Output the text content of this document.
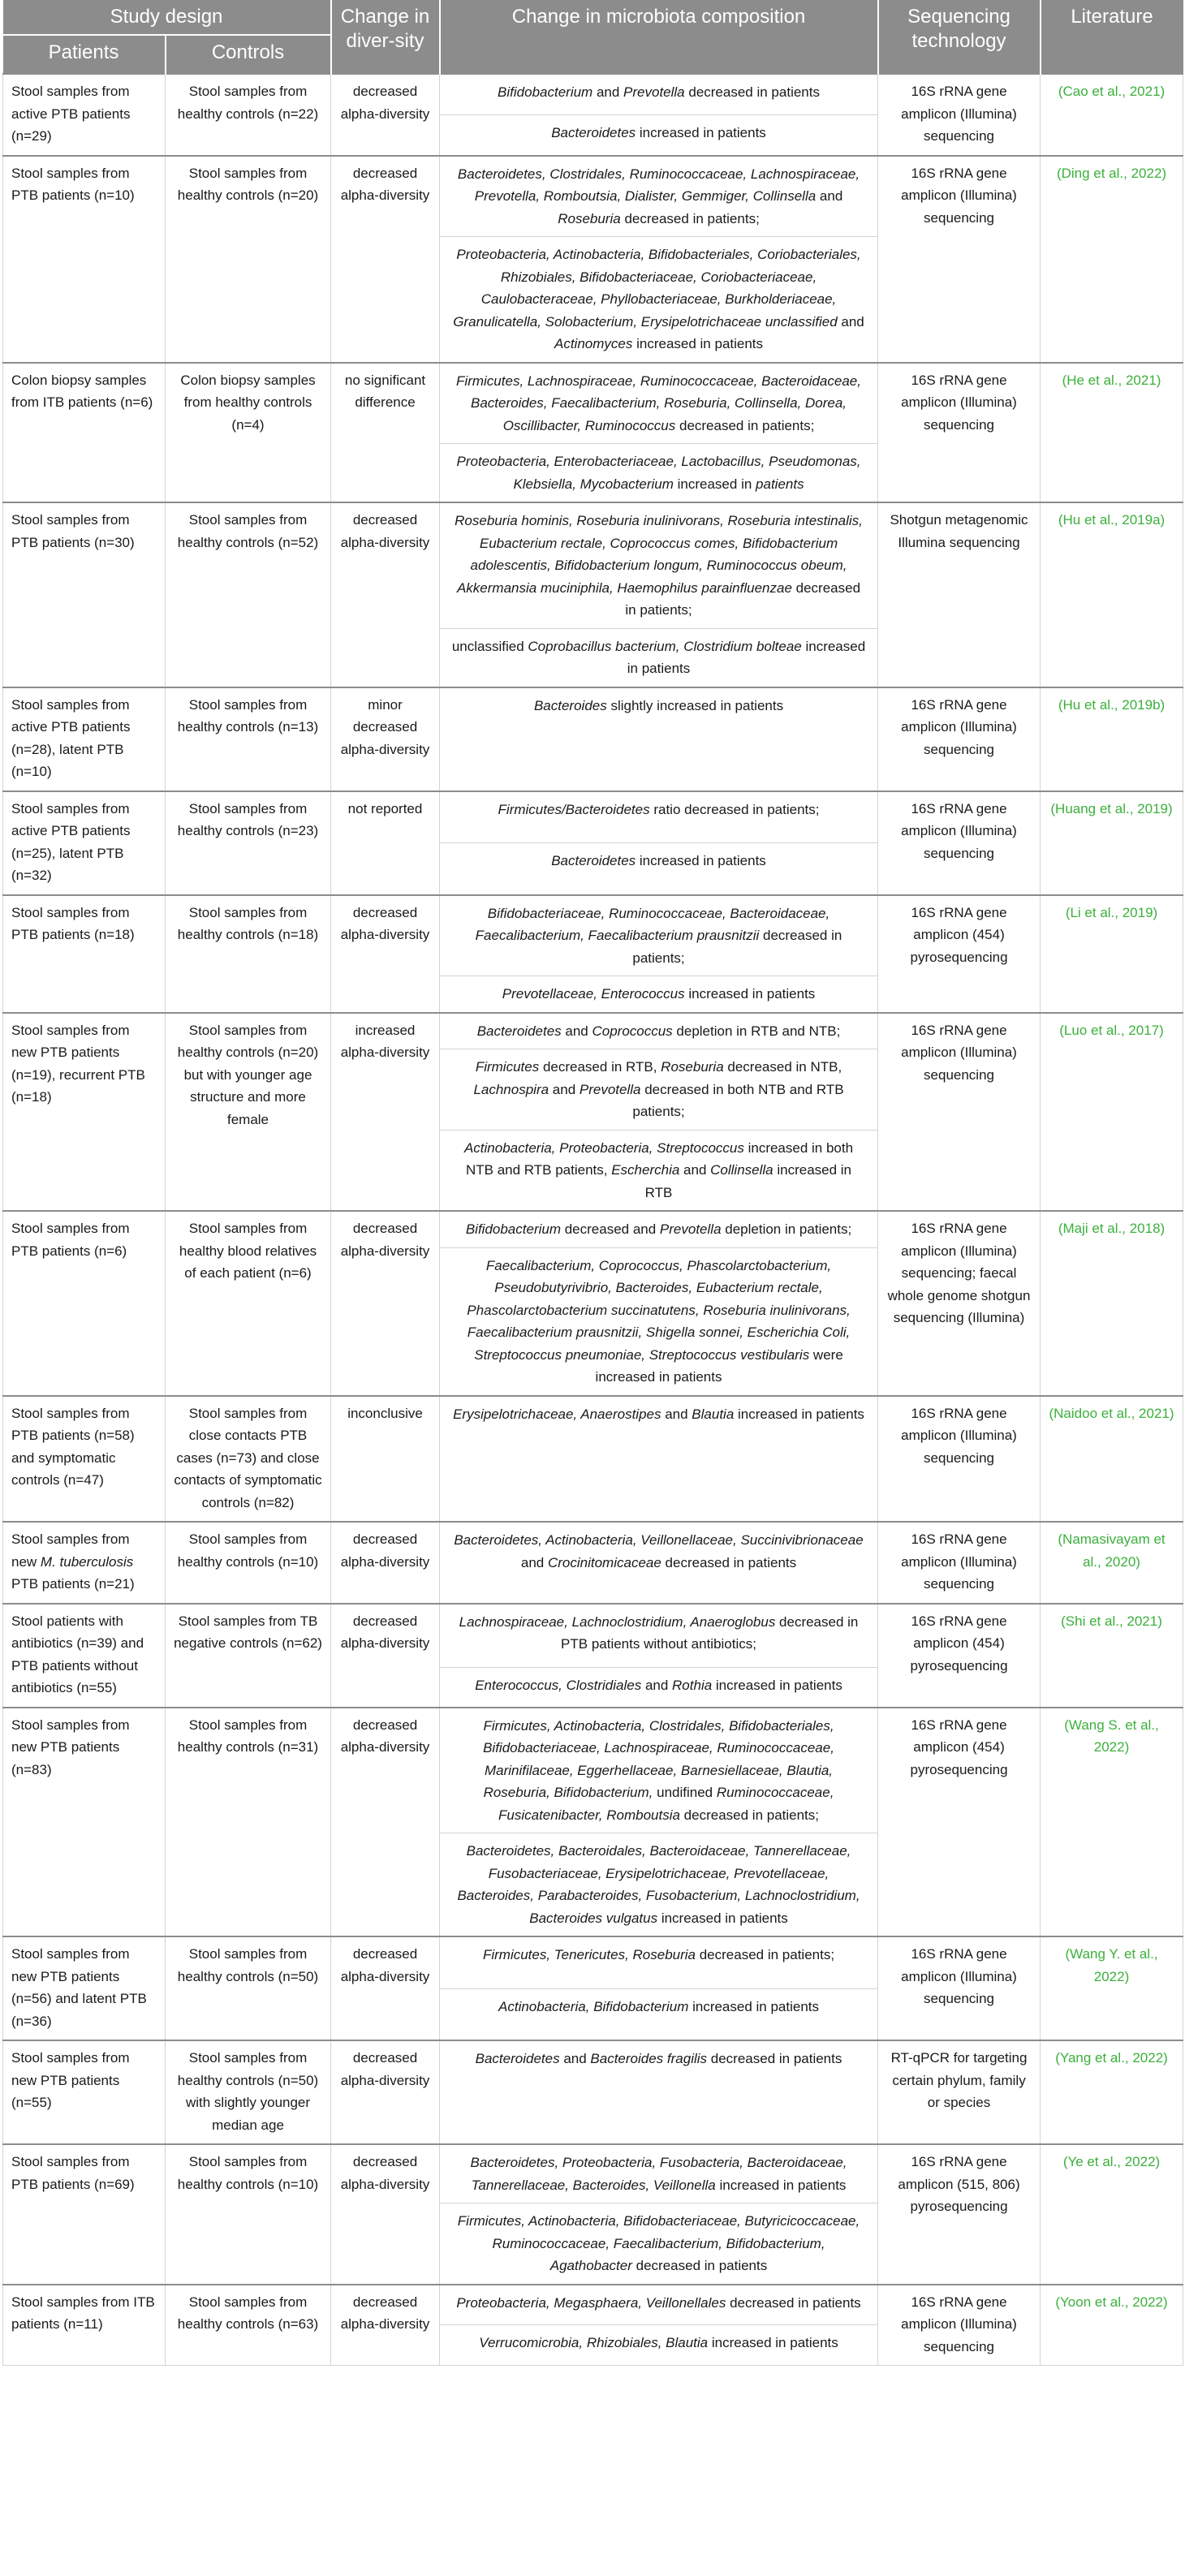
Study design		Change in diver-sity	Change in microbiota composition	Sequencing technology	Literature
Patients	Controls				
Stool samples from active PTB patients (n=29)	Stool samples from healthy controls (n=22)	decreased alpha-diversity	Bifidobacterium and Prevotella decreased in patients	16S rRNA gene amplicon (Illumina) sequencing	(Cao et al., 2021)
			Bacteroidetes increased in patients		
Stool samples from PTB patients (n=10)	Stool samples from healthy controls (n=20)	decreased alpha-diversity	Bacteroidetes, Clostridales, Ruminococcaceae, Lachnospiraceae, Prevotella, Romboutsia, Dialister, Gemmiger, Collinsella and Roseburia decreased in patients;	16S rRNA gene amplicon (Illumina) sequencing	(Ding et al., 2022)
			Proteobacteria, Actinobacteria, Bifidobacteriales, Coriobacteriales, Rhizobiales, Bifidobacteriaceae, Coriobacteriaceae, Caulobacteraceae, Phyllobacteriaceae, Burkholderiaceae, Granulicatella, Solobacterium, Erysipelotrichaceae unclassified and Actinomyces increased in patients		
Colon biopsy samples from ITB patients (n=6)	Colon biopsy samples from healthy controls (n=4)	no significant difference	Firmicutes, Lachnospiraceae, Ruminococcaceae, Bacteroidaceae, Bacteroides, Faecalibacterium, Roseburia, Collinsella, Dorea, Oscillibacter, Ruminococcus decreased in patients;	16S rRNA gene amplicon (Illumina) sequencing	(He et al., 2021)
			Proteobacteria, Enterobacteriaceae, Lactobacillus, Pseudomonas, Klebsiella, Mycobacterium increased in patients		
Stool samples from PTB patients (n=30)	Stool samples from healthy controls (n=52)	decreased alpha-diversity	Roseburia hominis, Roseburia inulinivorans, Roseburia intestinalis, Eubacterium rectale, Coprococcus comes, Bifidobacterium adolescentis, Bifidobacterium longum, Ruminococcus obeum, Akkermansia muciniphila, Haemophilus parainfluenzae decreased in patients;	Shotgun metagenomic Illumina sequencing	(Hu et al., 2019a)
			unclassified Coprobacillus bacterium, Clostridium bolteae increased in patients		
Stool samples from active PTB patients (n=28), latent PTB (n=10)	Stool samples from healthy controls (n=13)	minor decreased alpha-diversity	Bacteroides slightly increased in patients	16S rRNA gene amplicon (Illumina) sequencing	(Hu et al., 2019b)
Stool samples from active PTB patients (n=25), latent PTB (n=32)	Stool samples from healthy controls (n=23)	not reported	Firmicutes/Bacteroidetes ratio decreased in patients;	16S rRNA gene amplicon (Illumina) sequencing	(Huang et al., 2019)
			Bacteroidetes increased in patients		
Stool samples from PTB patients (n=18)	Stool samples from healthy controls (n=18)	decreased alpha-diversity	Bifidobacteriaceae, Ruminococcaceae, Bacteroidaceae, Faecalibacterium, Faecalibacterium prausnitzii decreased in patients;	16S rRNA gene amplicon (454) pyrosequencing	(Li et al., 2019)
			Prevotellaceae, Enterococcus increased in patients		
Stool samples from new PTB patients (n=19), recurrent PTB (n=18)	Stool samples from healthy controls (n=20) but with younger age structure and more female	increased alpha-diversity	Bacteroidetes and Coprococcus depletion in RTB and NTB;	16S rRNA gene amplicon (Illumina) sequencing	(Luo et al., 2017)
			Firmicutes decreased in RTB, Roseburia decreased in NTB, Lachnospira and Prevotella decreased in both NTB and RTB patients;		
			Actinobacteria, Proteobacteria, Streptococcus increased in both NTB and RTB patients, Escherchia and Collinsella increased in RTB		
Stool samples from PTB patients (n=6)	Stool samples from healthy blood relatives of each patient (n=6)	decreased alpha-diversity	Bifidobacterium decreased and Prevotella depletion in patients;	16S rRNA gene amplicon (Illumina) sequencing; faecal whole genome shotgun sequencing (Illumina)	(Maji et al., 2018)
			Faecalibacterium, Coprococcus, Phascolarctobacterium, Pseudobutyrivibrio, Bacteroides, Eubacterium rectale, Phascolarctobacterium succinatutens, Roseburia inulinivorans, Faecalibacterium prausnitzii, Shigella sonnei, Escherichia Coli, Streptococcus pneumoniae, Streptococcus vestibularis were increased in patients		
Stool samples from PTB patients (n=58) and symptomatic controls (n=47)	Stool samples from close contacts PTB cases (n=73) and close contacts of symptomatic controls (n=82)	inconclusive	Erysipelotrichaceae, Anaerostipes and Blautia increased in patients	16S rRNA gene amplicon (Illumina) sequencing	(Naidoo et al., 2021)
Stool samples from new M. tuberculosis PTB patients (n=21)	Stool samples from healthy controls (n=10)	decreased alpha-diversity	Bacteroidetes, Actinobacteria, Veillonellaceae, Succinivibrionaceae and Crocinitomicaceae decreased in patients	16S rRNA gene amplicon (Illumina) sequencing	(Namasivayam et al., 2020)
Stool patients with antibiotics (n=39) and PTB patients without antibiotics (n=55)	Stool samples from TB negative controls (n=62)	decreased alpha-diversity	Lachnospiraceae, Lachnoclostridium, Anaeroglobus decreased in PTB patients without antibiotics;	16S rRNA gene amplicon (454) pyrosequencing	(Shi et al., 2021)
			Enterococcus, Clostridiales and Rothia increased in patients		
Stool samples from new PTB patients (n=83)	Stool samples from healthy controls (n=31)	decreased alpha-diversity	Firmicutes, Actinobacteria, Clostridales, Bifidobacteriales, Bifidobacteriaceae, Lachnospiraceae, Ruminococcaceae, Marinifilaceae, Eggerhellaceae, Barnesiellaceae, Blautia, Roseburia, Bifidobacterium, undifined Ruminococcaceae, Fusicatenibacter, Romboutsia decreased in patients;	16S rRNA gene amplicon (454) pyrosequencing	(Wang S. et al., 2022)
			Bacteroidetes, Bacteroidales, Bacteroidaceae, Tannerellaceae, Fusobacteriaceae, Erysipelotrichaceae, Prevotellaceae, Bacteroides, Parabacteroides, Fusobacterium, Lachnoclostridium, Bacteroides vulgatus increased in patients		
Stool samples from new PTB patients (n=56) and latent PTB (n=36)	Stool samples from healthy controls (n=50)	decreased alpha-diversity	Firmicutes, Tenericutes, Roseburia decreased in patients;	16S rRNA gene amplicon (Illumina) sequencing	(Wang Y. et al., 2022)
			Actinobacteria, Bifidobacterium increased in patients		
Stool samples from new PTB patients (n=55)	Stool samples from healthy controls (n=50) with slightly younger median age	decreased alpha-diversity	Bacteroidetes and Bacteroides fragilis decreased in patients	RT-qPCR for targeting certain phylum, family or species	(Yang et al., 2022)
Stool samples from PTB patients (n=69)	Stool samples from healthy controls (n=10)	decreased alpha-diversity	Bacteroidetes, Proteobacteria, Fusobacteria, Bacteroidaceae, Tannerellaceae, Bacteroides, Veillonella increased in patients	16S rRNA gene amplicon (515, 806) pyrosequencing	(Ye et al., 2022)
			Firmicutes, Actinobacteria, Bifidobacteriaceae, Butyricicoccaceae, Ruminococcaceae, Faecalibacterium, Bifidobacterium, Agathobacter decreased in patients		
Stool samples from ITB patients (n=11)	Stool samples from healthy controls (n=63)	decreased alpha-diversity	Proteobacteria, Megasphaera, Veillonellales decreased in patients	16S rRNA gene amplicon (Illumina) sequencing	(Yoon et al., 2022)
			Verrucomicrobia, Rhizobiales, Blautia increased in patients		
